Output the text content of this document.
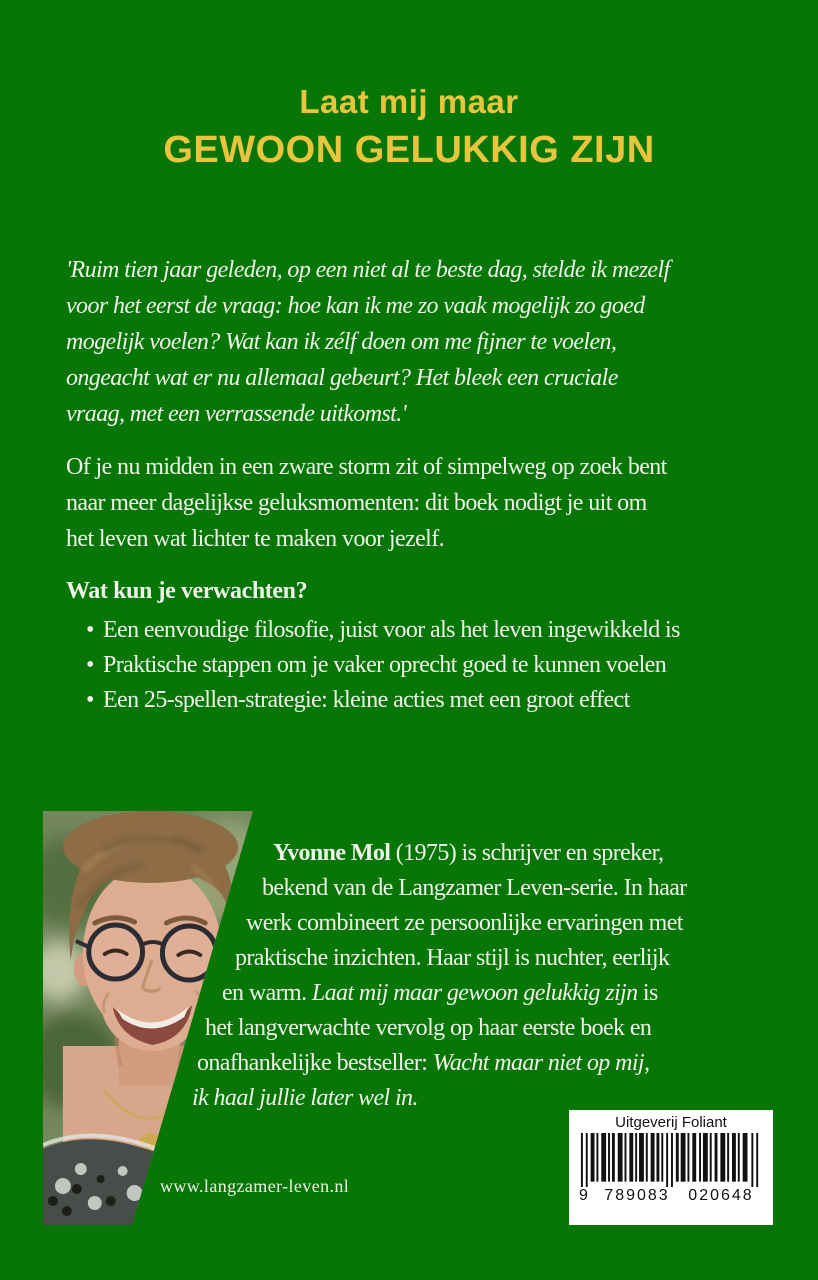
Laat mij maar
GEWOON GELUKKIG ZIJN
'Ruim tien jaar geleden, op een niet al te beste dag, stelde ik mezelf
voor het eerst de vraag: hoe kan ik me zo vaak mogelijk zo goed
mogelijk voelen? Wat kan ik zélf doen om me fijner te voelen,
ongeacht wat er nu allemaal gebeurt? Het bleek een cruciale
vraag, met een verrassende uitkomst.'
Of je nu midden in een zware storm zit of simpelweg op zoek bent
naar meer dagelijkse geluksmomenten: dit boek nodigt je uit om
het leven wat lichter te maken voor jezelf.
Wat kun je verwachten?
• Een eenvoudige filosofie, juist voor als het leven ingewikkeld is
• Praktische stappen om je vaker oprecht goed te kunnen voelen
• Een 25-spellen-strategie: kleine acties met een groot effect
Yvonne Mol (1975) is schrijver en spreker,
bekend van de Langzamer Leven-serie. In haar
werk combineert ze persoonlijke ervaringen met
praktische inzichten. Haar stijl is nuchter, eerlijk
en warm. Laat mij maar gewoon gelukkig zijn is
het langverwachte vervolg op haar eerste boek en
onafhankelijke bestseller: Wacht maar niet op mij,
ik haal jullie later wel in.
www.langzamer-leven.nl
Uitgeverij Foliant
9	789083	020648
